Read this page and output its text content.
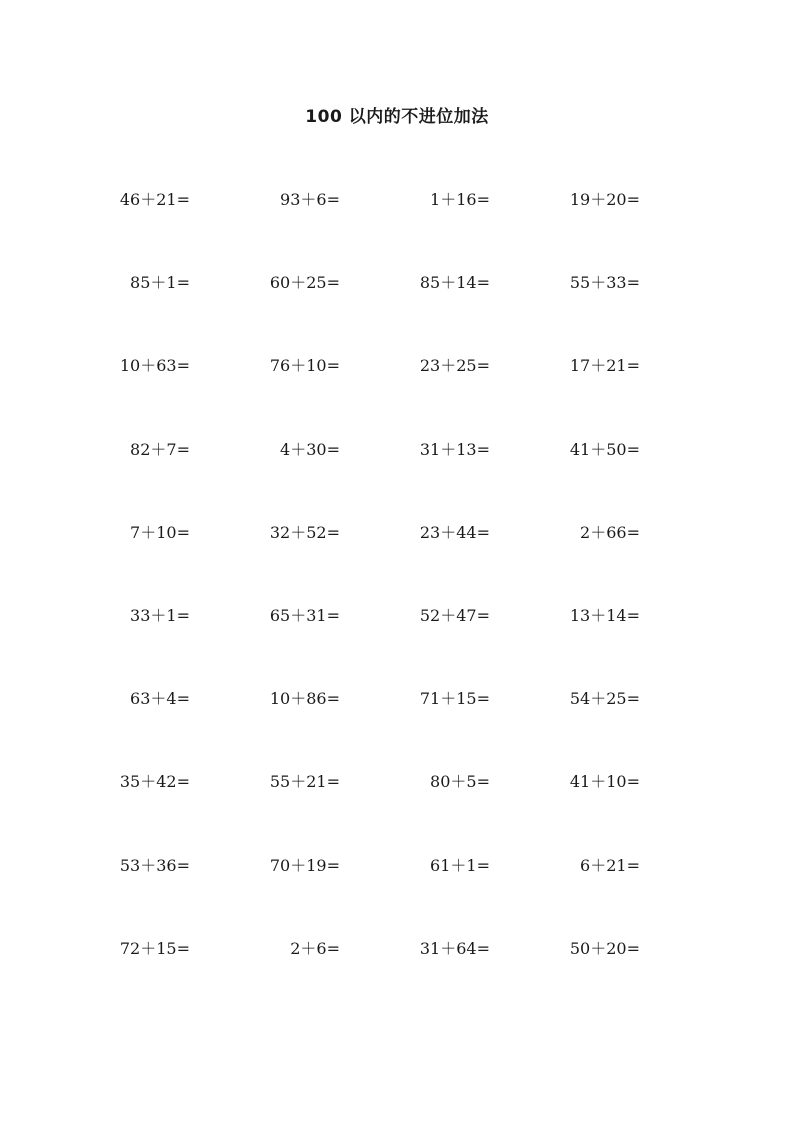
100 以内的不进位加法
46＋21=	93＋6=	1＋16=	19＋20=
85＋1=	60＋25=	85＋14=	55＋33=
10＋63=	76＋10=	23＋25=	17＋21=
82＋7=	4＋30=	31＋13=	41＋50=
7＋10=	32＋52=	23＋44=	2＋66=
33＋1=	65＋31=	52＋47=	13＋14=
63＋4=	10＋86=	71＋15=	54＋25=
35＋42=	55＋21=	80＋5=	41＋10=
53＋36=	70＋19=	61＋1=	6＋21=
72＋15=	2＋6=	31＋64=	50＋20=
